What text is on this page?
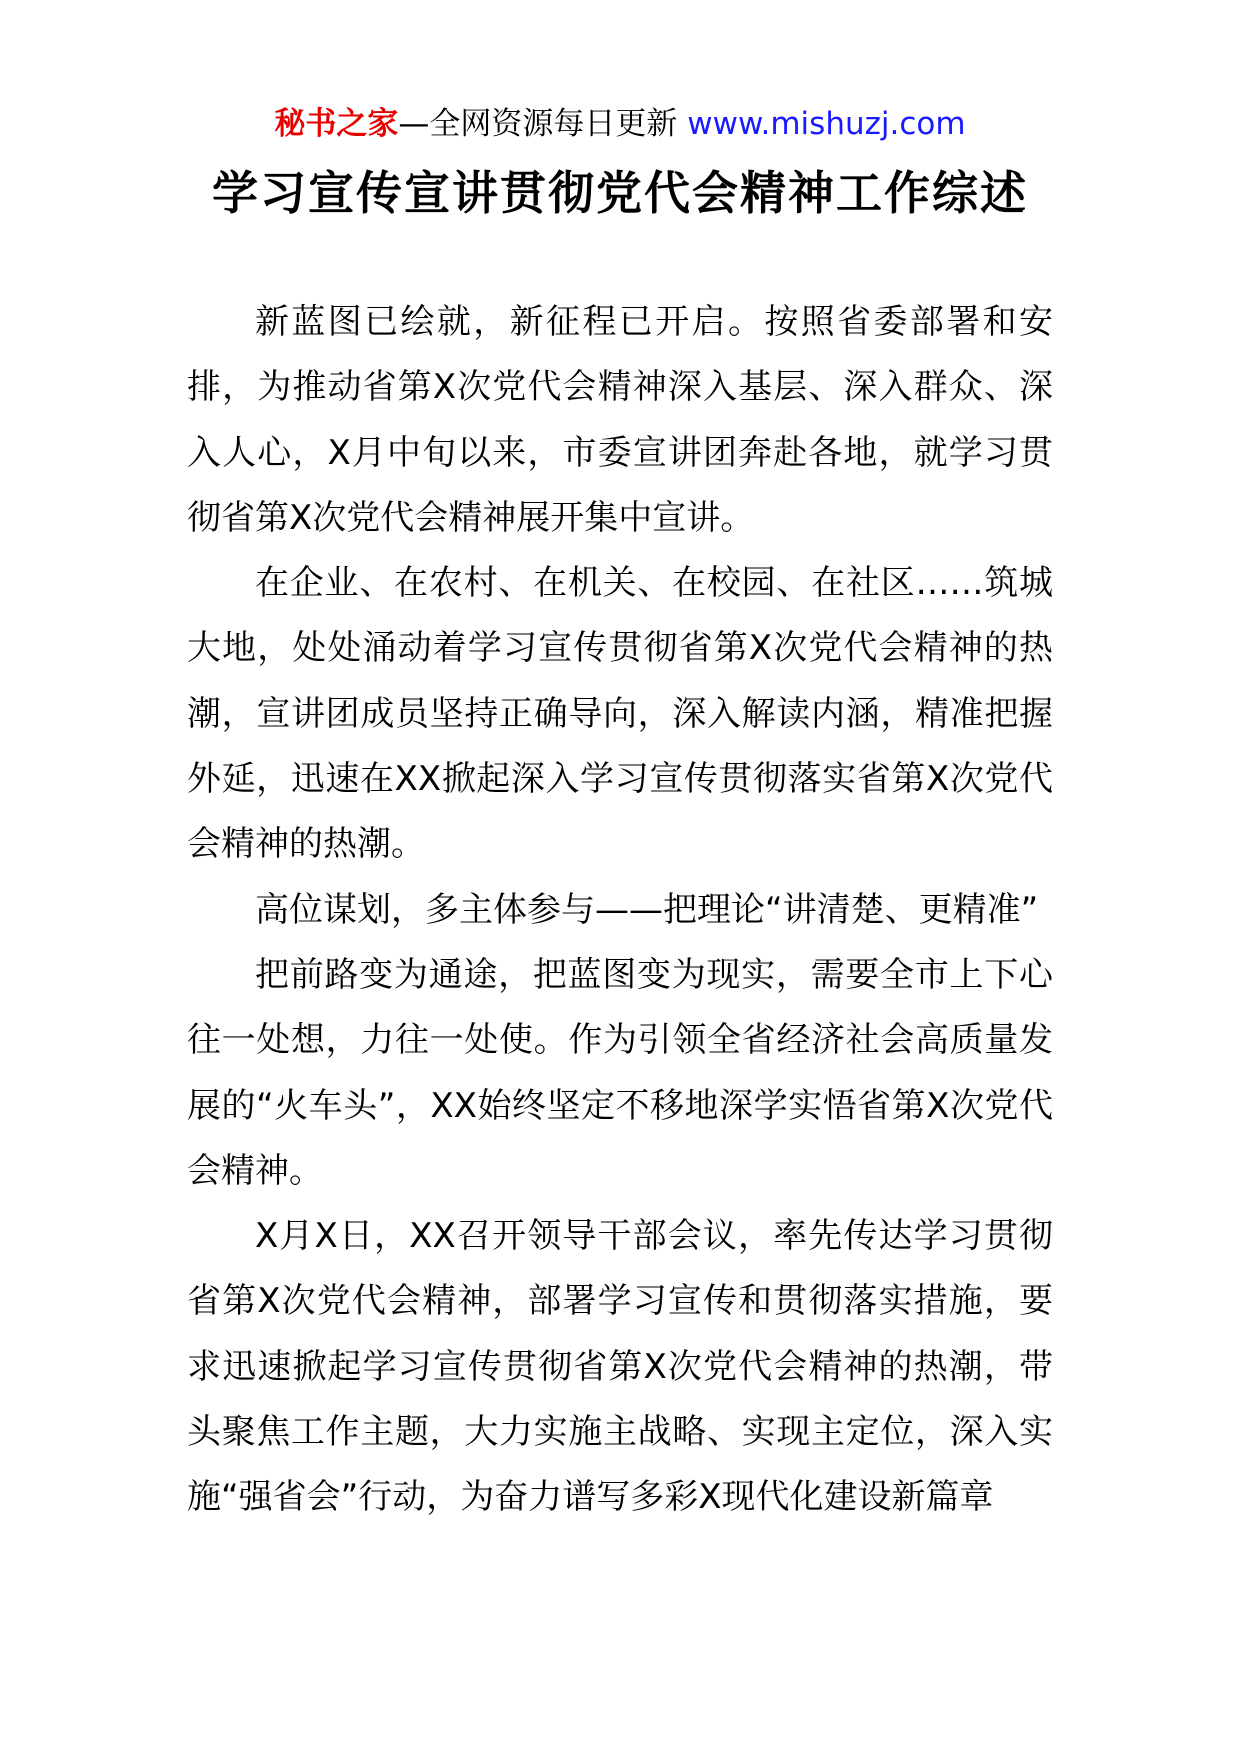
秘书之家—全网资源每日更新 www.mishuzj.com
学习宣传宣讲贯彻党代会精神工作综述

新蓝图已绘就，新征程已开启。按照省委部署和安排，为推动省第X次党代会精神深入基层、深入群众、深入人心，X月中旬以来，市委宣讲团奔赴各地，就学习贯彻省第X次党代会精神展开集中宣讲。

在企业、在农村、在机关、在校园、在社区……筑城大地，处处涌动着学习宣传贯彻省第X次党代会精神的热潮，宣讲团成员坚持正确导向，深入解读内涵，精准把握外延，迅速在XX掀起深入学习宣传贯彻落实省第X次党代会精神的热潮。

高位谋划，多主体参与——把理论“讲清楚、更精准”

把前路变为通途，把蓝图变为现实，需要全市上下心往一处想，力往一处使。作为引领全省经济社会高质量发展的“火车头”，XX始终坚定不移地深学实悟省第X次党代会精神。

X月X日，XX召开领导干部会议，率先传达学习贯彻省第X次党代会精神，部署学习宣传和贯彻落实措施，要求迅速掀起学习宣传贯彻省第X次党代会精神的热潮，带头聚焦工作主题，大力实施主战略、实现主定位，深入实施“强省会”行动，为奋力谱写多彩X现代化建设新篇章
